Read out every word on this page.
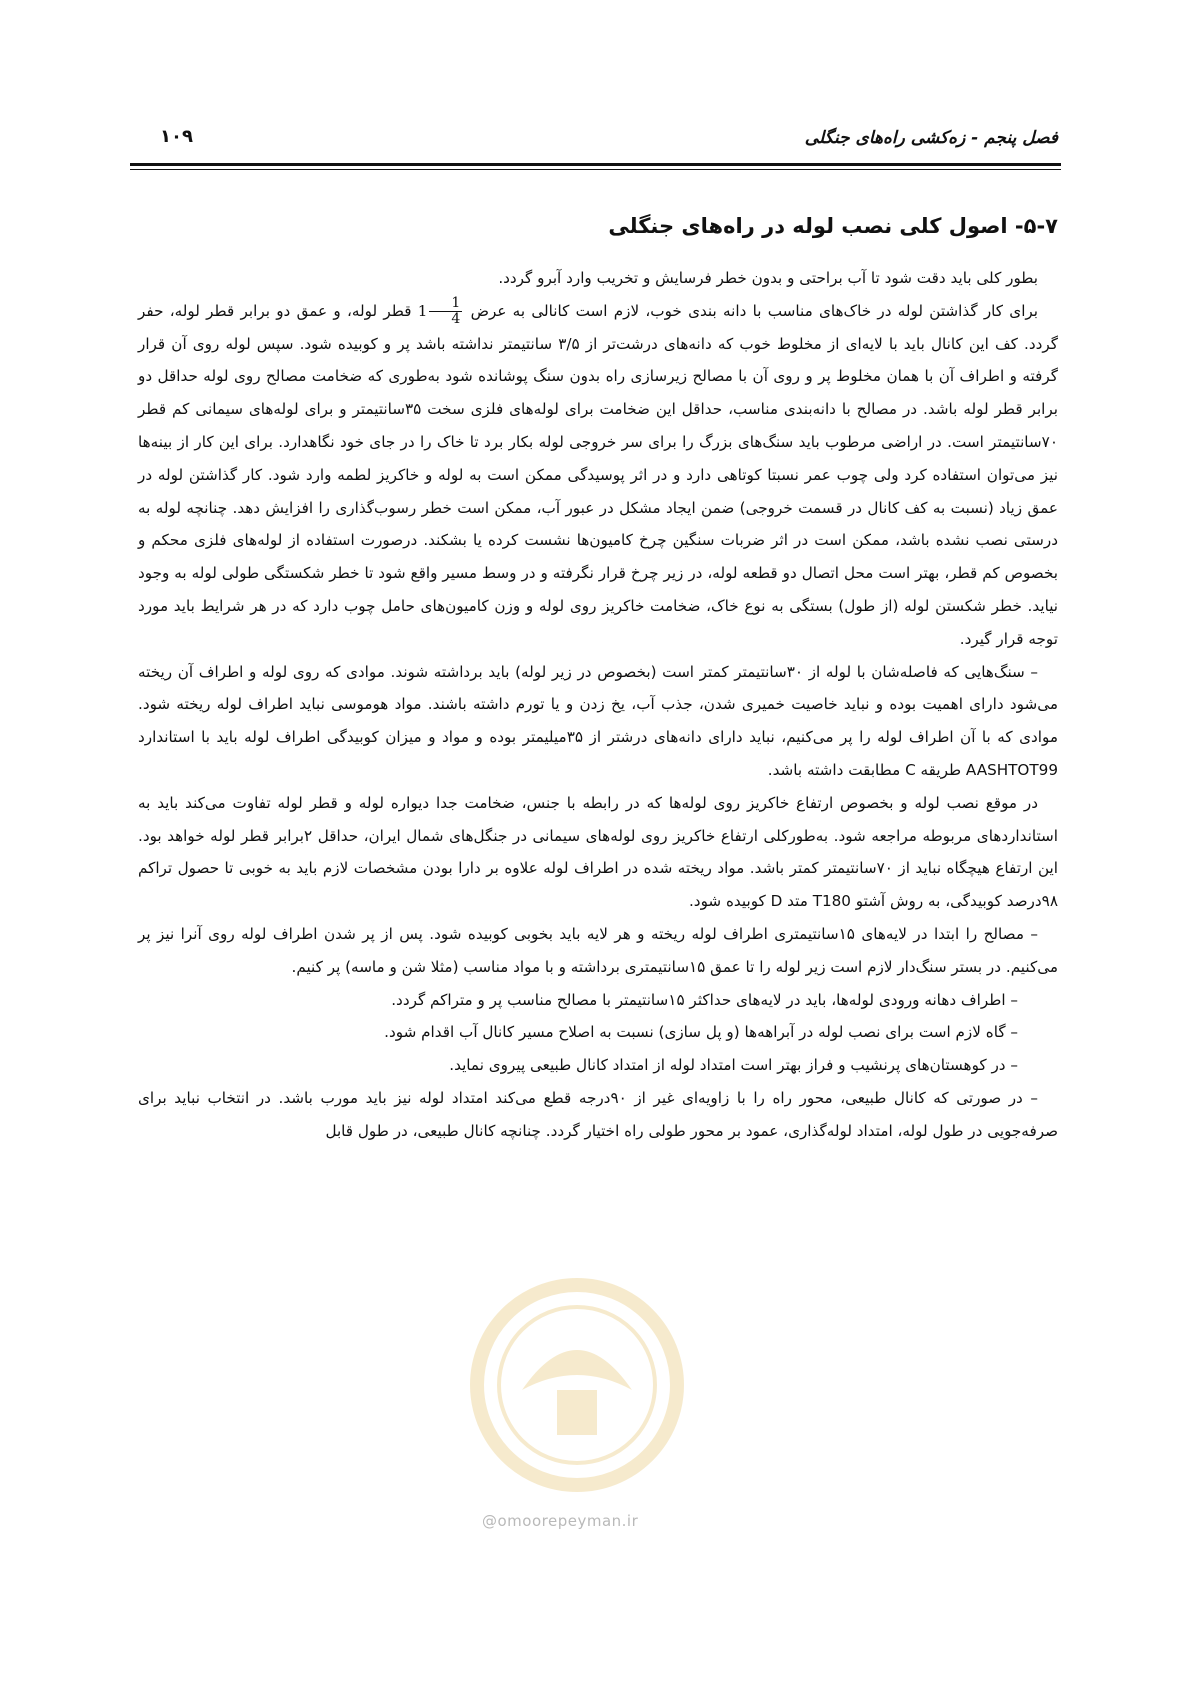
فصل پنجم - زه‌کشی راه‌های جنگلی
۱۰۹
۵-۷- اصول کلی نصب لوله در راه‌های جنگلی

بطور کلی باید دقت شود تا آب براحتی و بدون خطر فرسایش و تخریب وارد آبرو گردد.

برای کار گذاشتن لوله در خاک‌های مناسب با دانه بندی خوب، لازم است کانالی به عرض $1 \frac{1}{4}$
قطر لوله، و عمق دو برابر قطر لوله، حفر گردد. کف این کانال باید با لایه‌ای از مخلوط خوب که دانه‌های درشت‌تر از ۳/۵ سانتیمتر نداشته باشد پر و کوبیده شود. سپس لوله روی آن قرار گرفته و اطراف آن با همان مخلوط پر و روی آن با مصالح زیرسازی راه بدون سنگ پوشانده شود به‌طوری که ضخامت مصالح روی لوله حداقل دو برابر قطر لوله باشد. در مصالح با دانه‌بندی مناسب، حداقل این ضخامت برای لوله‌های فلزی سخت ۳۵سانتیمتر و برای لوله‌های سیمانی کم قطر ۷۰سانتیمتر است. در اراضی مرطوب باید سنگ‌های بزرگ را برای سر خروجی لوله بکار برد تا خاک را در جای خود نگاهدارد. برای این کار از بینه‌ها نیز می‌توان استفاده کرد ولی چوب عمر نسبتا کوتاهی دارد و در اثر پوسیدگی ممکن است به لوله و خاکریز لطمه وارد شود. کار گذاشتن لوله در عمق زیاد (نسبت به کف کانال در قسمت خروجی) ضمن ایجاد مشکل در عبور آب، ممکن است خطر رسوب‌گذاری را افزایش دهد. چنانچه لوله به درستی نصب نشده باشد، ممکن است در اثر ضربات سنگین چرخ کامیون‌ها نشست کرده یا بشکند. درصورت استفاده از لوله‌های فلزی محکم و بخصوص کم قطر، بهتر است محل اتصال دو قطعه لوله، در زیر چرخ قرار نگرفته و در وسط مسیر واقع شود تا خطر شکستگی طولی لوله به وجود نیاید. خطر شکستن لوله (از طول) بستگی به نوع خاک، ضخامت خاکریز روی لوله و وزن کامیون‌های حامل چوب دارد که در هر شرایط باید مورد توجه قرار گیرد.

– سنگ‌هایی که فاصله‌شان با لوله از ۳۰سانتیمتر کمتر است (بخصوص در زیر لوله) باید برداشته شوند. موادی که روی لوله و اطراف آن ریخته می‌شود دارای اهمیت بوده و نباید خاصیت خمیری شدن، جذب آب، یخ زدن و یا تورم داشته باشند. مواد هوموسی نباید اطراف لوله ریخته شود. موادی که با آن اطراف لوله را پر می‌کنیم، نباید دارای دانه‌های درشتر از ۳۵میلیمتر بوده و مواد و میزان کوبیدگی اطراف لوله باید با استاندارد AASHTOT99 طریقه C مطابقت داشته باشد.

در موقع نصب لوله و بخصوص ارتفاع خاکریز روی لوله‌ها که در رابطه با جنس، ضخامت جدا دیواره لوله و قطر لوله تفاوت می‌کند باید به استانداردهای مربوطه مراجعه شود. به‌طورکلی ارتفاع خاکریز روی لوله‌های سیمانی در جنگل‌های شمال ایران، حداقل ۲برابر قطر لوله خواهد بود. این ارتفاع هیچگاه نباید از ۷۰سانتیمتر کمتر باشد. مواد ریخته شده در اطراف لوله علاوه بر دارا بودن مشخصات لازم باید به خوبی تا حصول تراکم ۹۸درصد کوبیدگی، به روش آشتو T180 متد D کوبیده شود.

– مصالح را ابتدا در لایه‌های ۱۵سانتیمتری اطراف لوله ریخته و هر لایه باید بخوبی کوبیده شود. پس از پر شدن اطراف لوله روی آنرا نیز پر می‌کنیم. در بستر سنگ‌دار لازم است زیر لوله را تا عمق ۱۵سانتیمتری برداشته و با مواد مناسب (مثلا شن و ماسه) پر کنیم.

– اطراف دهانه ورودی لوله‌ها، باید در لایه‌های حداکثر ۱۵سانتیمتر با مصالح مناسب پر و متراکم گردد.

– گاه لازم است برای نصب لوله در آبراهه‌ها (و پل سازی) نسبت به اصلاح مسیر کانال آب اقدام شود.

– در کوهستان‌های پرنشیب و فراز بهتر است امتداد لوله از امتداد کانال طبیعی پیروی نماید.

– در صورتی که کانال طبیعی، محور راه را با زاویه‌ای غیر از ۹۰درجه قطع می‌کند امتداد لوله نیز باید مورب باشد. در انتخاب نباید برای صرفه‌جویی در طول لوله، امتداد لوله‌گذاری، عمود بر محور طولی راه اختیار گردد. چنانچه کانال طبیعی، در طول قابل

@omoorepeyman.ir
